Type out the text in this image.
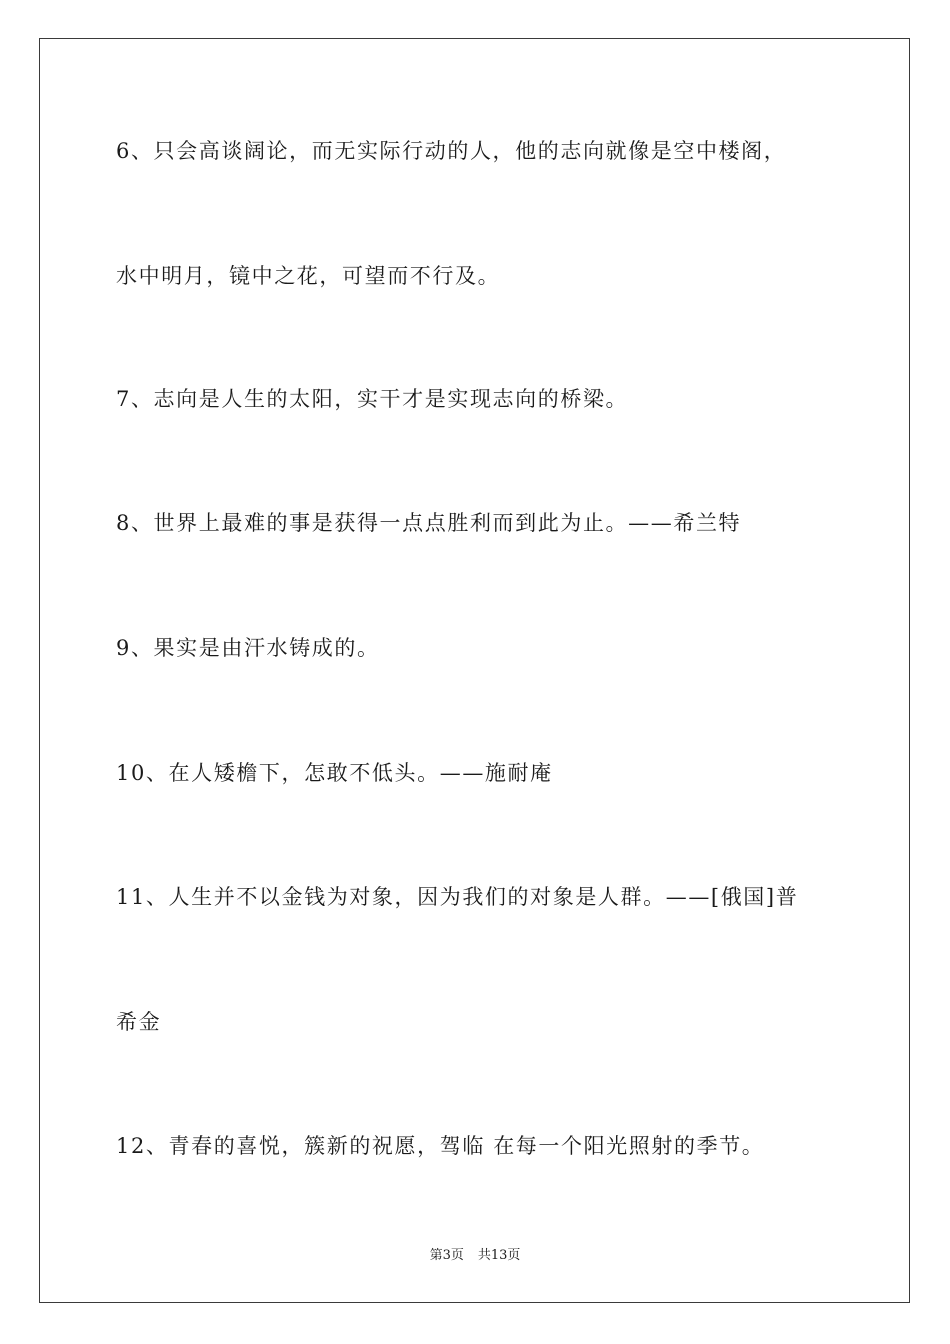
6、只会高谈阔论，而无实际行动的人，他的志向就像是空中楼阁，
水中明月，镜中之花，可望而不行及。
7、志向是人生的太阳，实干才是实现志向的桥梁。
8、世界上最难的事是获得一点点胜利而到此为止。——希兰特
9、果实是由汗水铸成的。
10、在人矮檐下，怎敢不低头。——施耐庵
11、人生并不以金钱为对象，因为我们的对象是人群。——[俄国]普
希金
12、青春的喜悦，簇新的祝愿，驾临 在每一个阳光照射的季节。
第3页 共13页
